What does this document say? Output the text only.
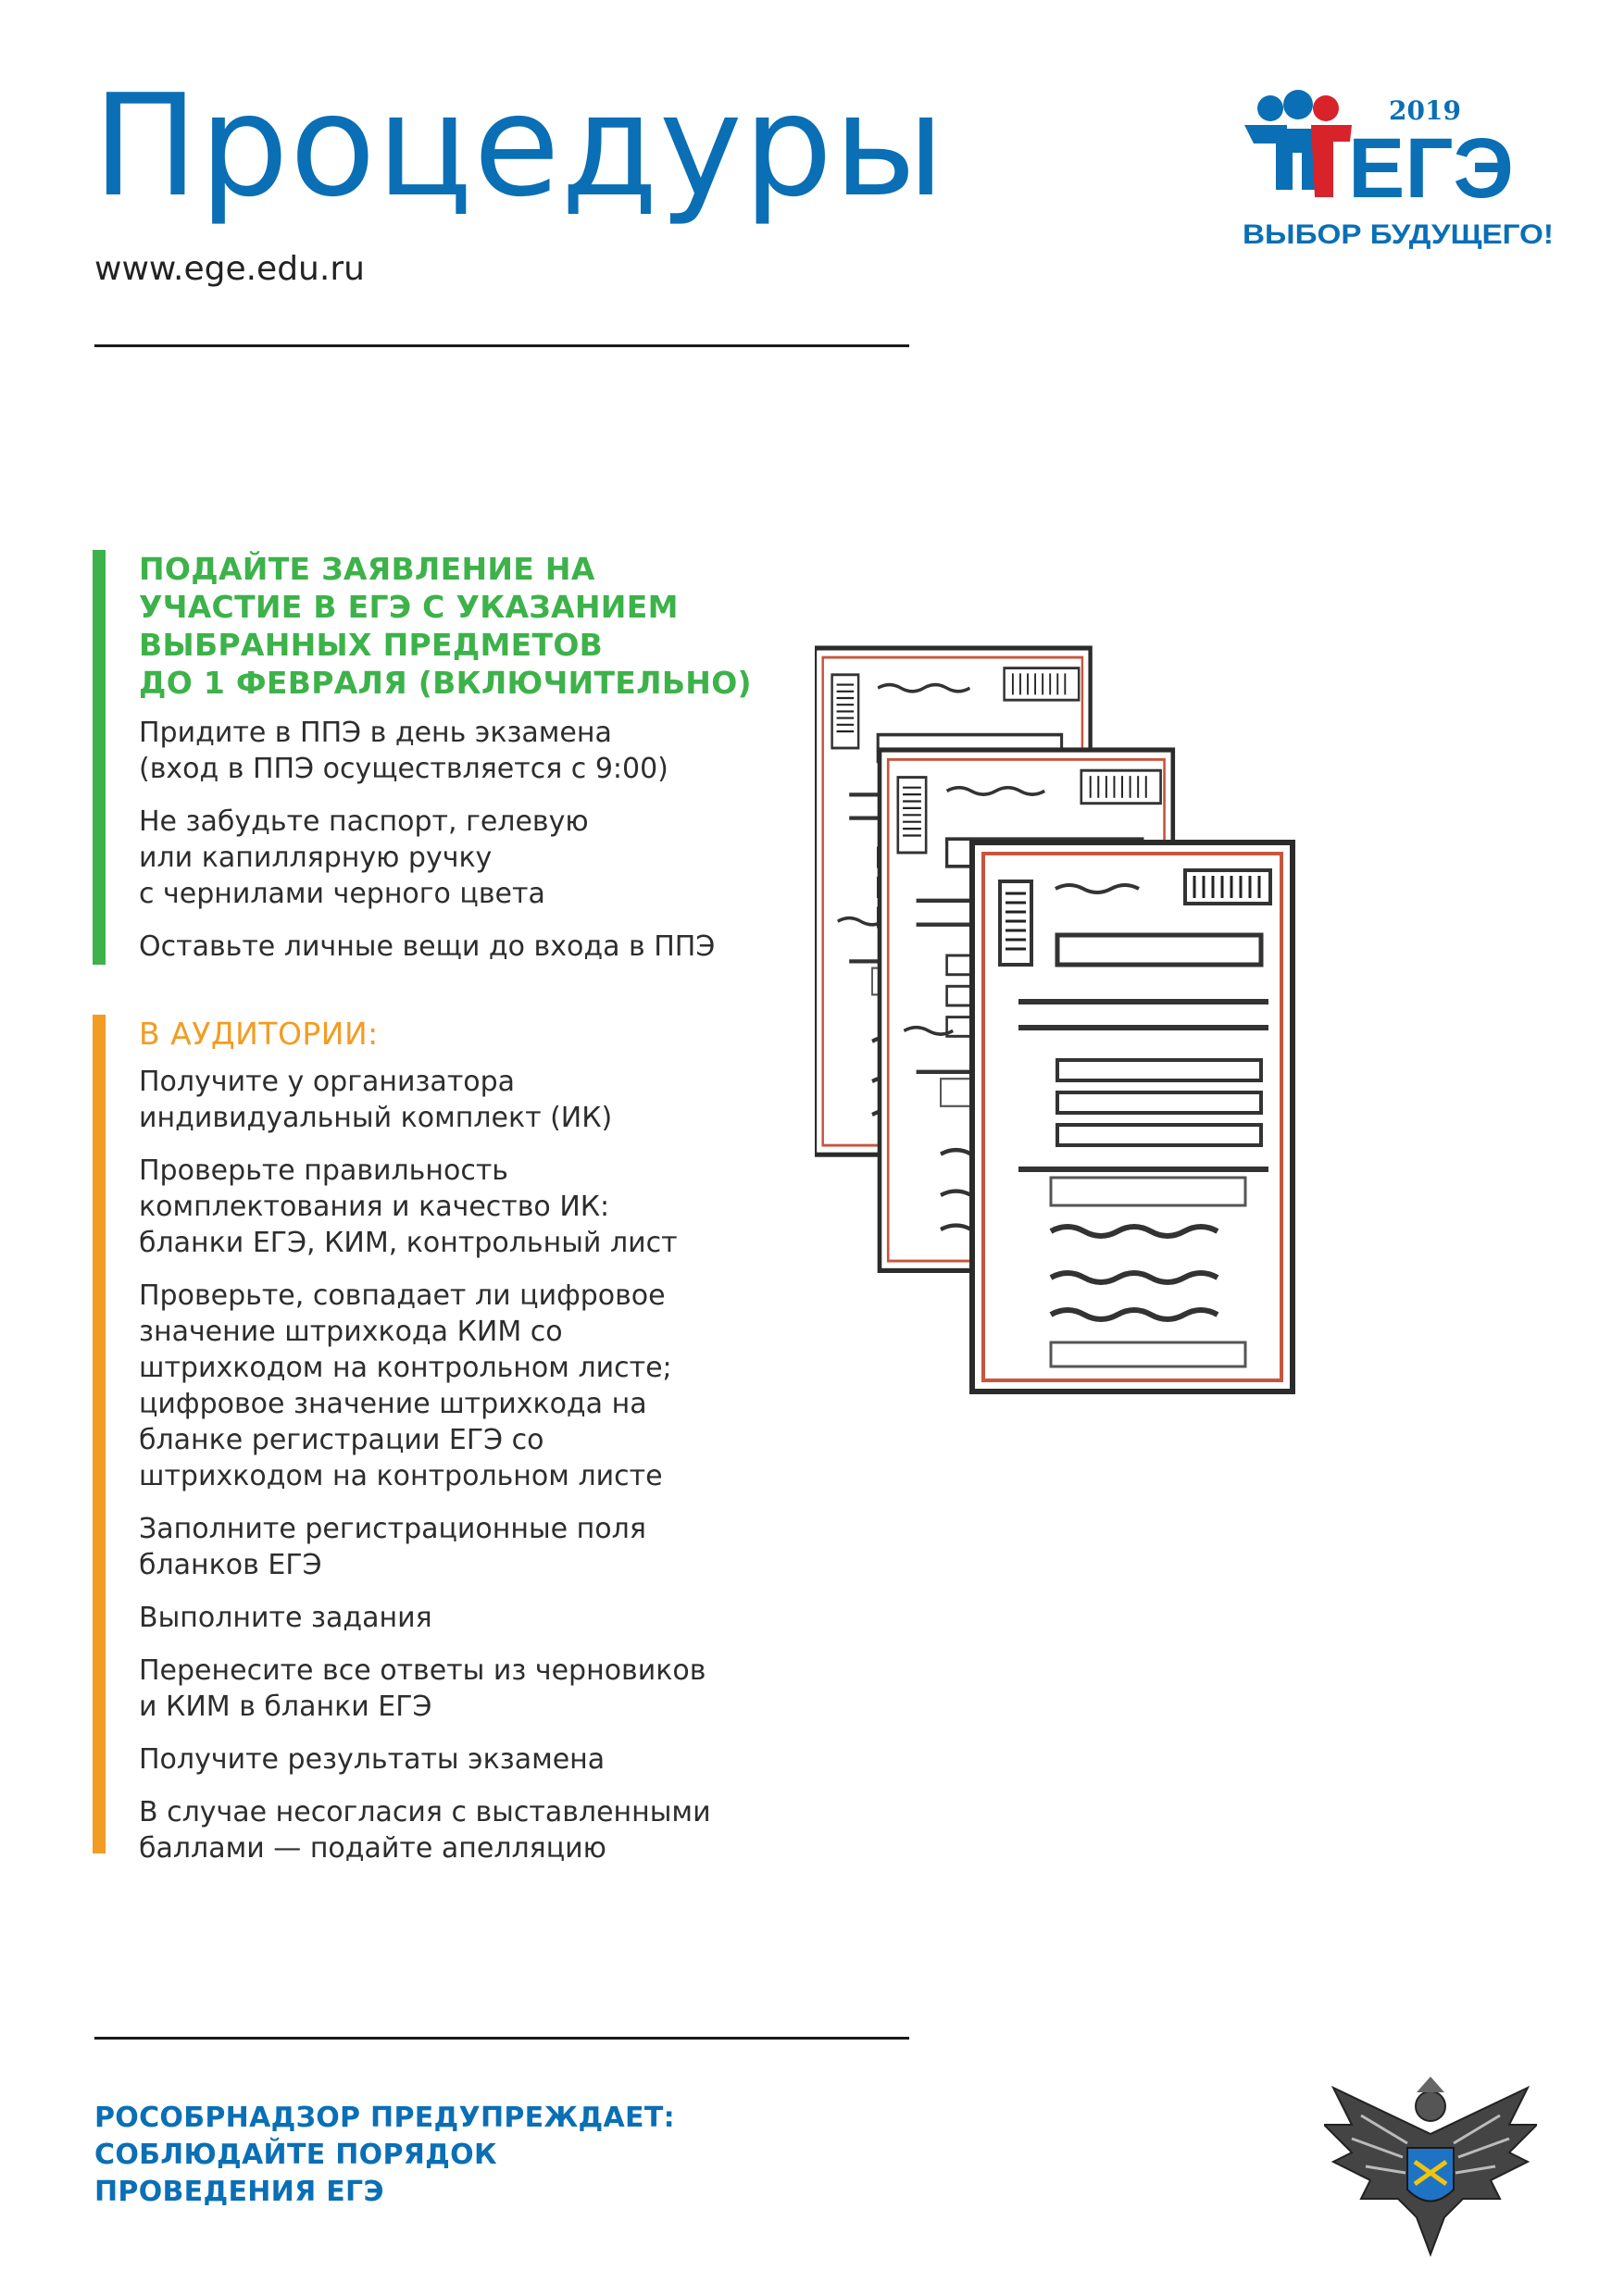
Процедуры
www.ege.edu.ru
2019
ЕГЭ
ВЫБОР БУДУЩЕГО!
ПОДАЙТЕ ЗАЯВЛЕНИЕ НА
УЧАСТИЕ В ЕГЭ С УКАЗАНИЕМ
ВЫБРАННЫХ ПРЕДМЕТОВ
ДО 1 ФЕВРАЛЯ (ВКЛЮЧИТЕЛЬНО)
Придите в ППЭ в день экзамена
(вход в ППЭ осуществляется с 9:00)
Не забудьте паспорт, гелевую
или капиллярную ручку
с чернилами черного цвета
Оставьте личные вещи до входа в ППЭ
В АУДИТОРИИ:
Получите у организатора
индивидуальный комплект (ИК)
Проверьте правильность
комплектования и качество ИК:
бланки ЕГЭ, КИМ, контрольный лист
Проверьте, совпадает ли цифровое
значение штрихкода КИМ со
штрихкодом на контрольном листе;
цифровое значение штрихкода на
бланке регистрации ЕГЭ со
штрихкодом на контрольном листе
Заполните регистрационные поля
бланков ЕГЭ
Выполните задания
Перенесите все ответы из черновиков
и КИМ в бланки ЕГЭ
Получите результаты экзамена
В случае несогласия с выставленными
баллами — подайте апелляцию
РОСОБРНАДЗОР ПРЕДУПРЕЖДАЕТ:
СОБЛЮДАЙТЕ ПОРЯДОК
ПРОВЕДЕНИЯ ЕГЭ
